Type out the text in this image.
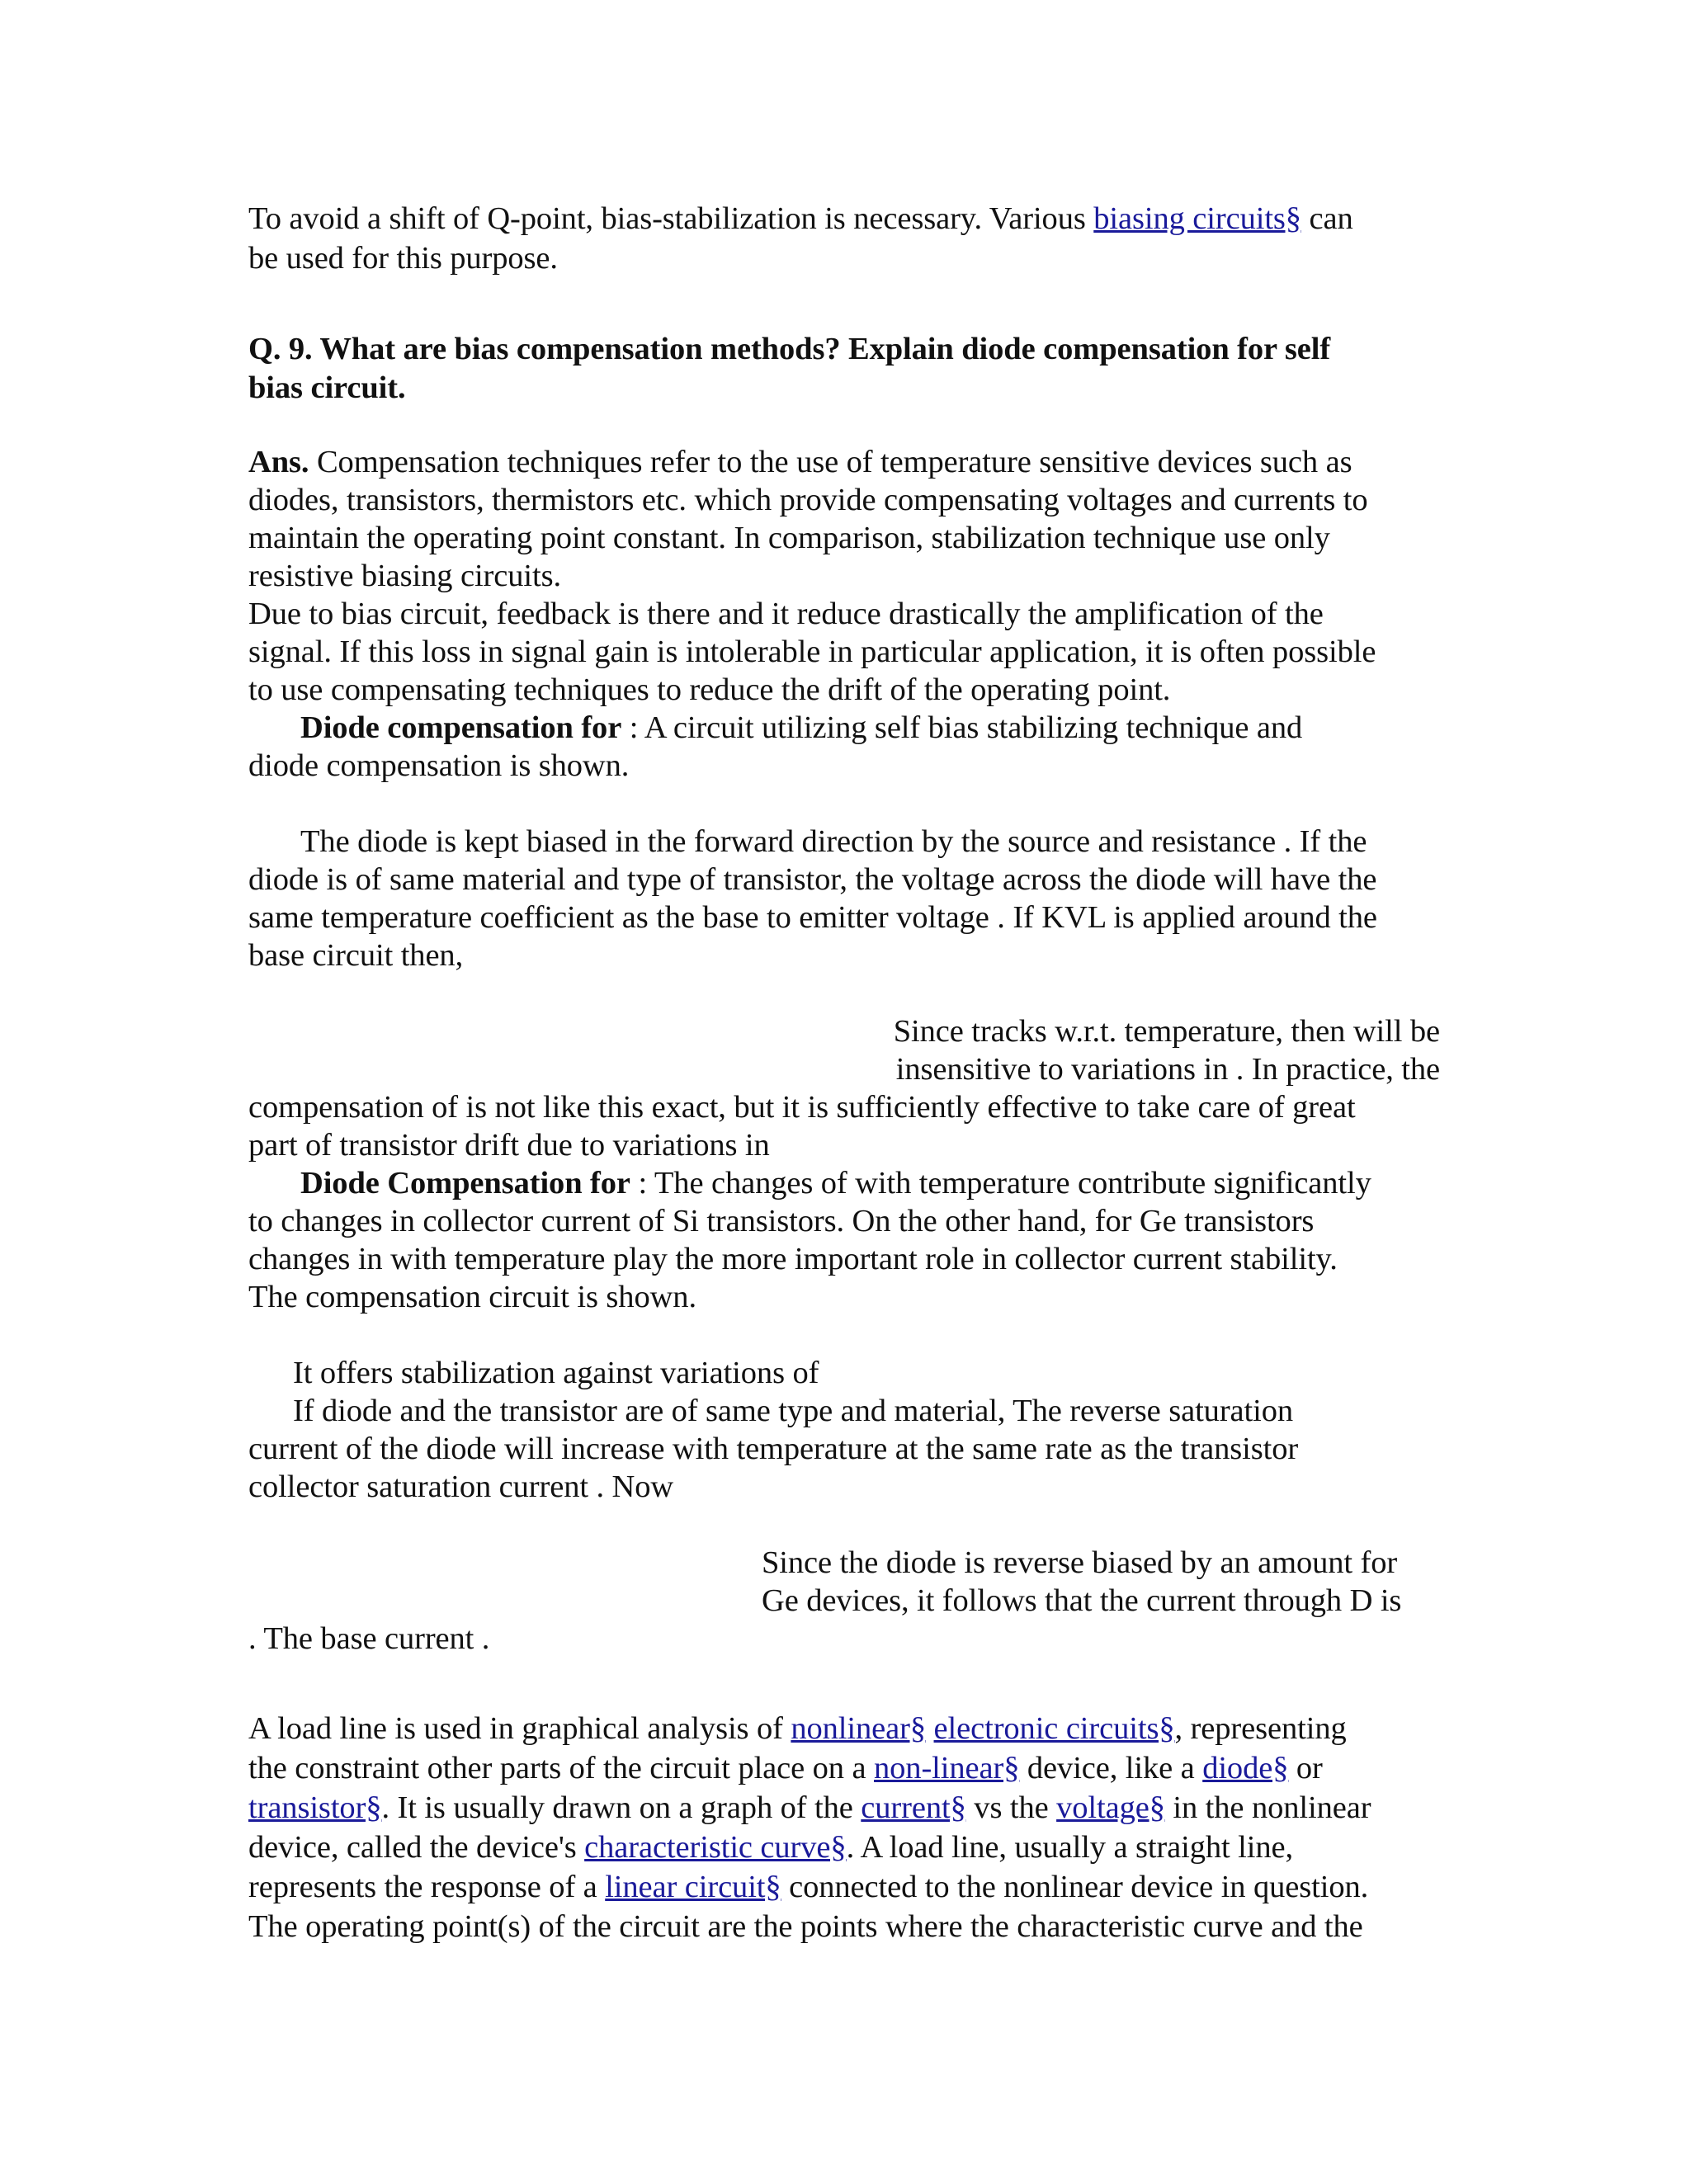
To avoid a shift of Q-point, bias-stabilization is necessary. Various biasing circuits§ can
be used for this purpose.
Q. 9. What are bias compensation methods? Explain diode compensation for self
bias circuit.
Ans. Compensation techniques refer to the use of temperature sensitive devices such as
diodes, transistors, thermistors etc. which provide compensating voltages and currents to
maintain the operating point constant. In comparison, stabilization technique use only
resistive biasing circuits.
Due to bias circuit, feedback is there and it reduce drastically the amplification of the
signal. If this loss in signal gain is intolerable in particular application, it is often possible
to use compensating techniques to reduce the drift of the operating point.
Diode compensation for : A circuit utilizing self bias stabilizing technique and
diode compensation is shown.
The diode is kept biased in the forward direction by the source and resistance . If the
diode is of same material and type of transistor, the voltage across the diode will have the
same temperature coefficient as the base to emitter voltage . If KVL is applied around the
base circuit then,
Since tracks w.r.t. temperature, then will be
insensitive to variations in . In practice, the
compensation of is not like this exact, but it is sufficiently effective to take care of great
part of transistor drift due to variations in
Diode Compensation for : The changes of with temperature contribute significantly
to changes in collector current of Si transistors. On the other hand, for Ge transistors
changes in with temperature play the more important role in collector current stability.
The compensation circuit is shown.
It offers stabilization against variations of
If diode and the transistor are of same type and material, The reverse saturation
current of the diode will increase with temperature at the same rate as the transistor
collector saturation current . Now
Since the diode is reverse biased by an amount for
Ge devices, it follows that the current through D is
. The base current .
A load line is used in graphical analysis of nonlinear§ electronic circuits§, representing
the constraint other parts of the circuit place on a non-linear§ device, like a diode§ or
transistor§. It is usually drawn on a graph of the current§ vs the voltage§ in the nonlinear
device, called the device's characteristic curve§. A load line, usually a straight line,
represents the response of a linear circuit§ connected to the nonlinear device in question.
The operating point(s) of the circuit are the points where the characteristic curve and the
